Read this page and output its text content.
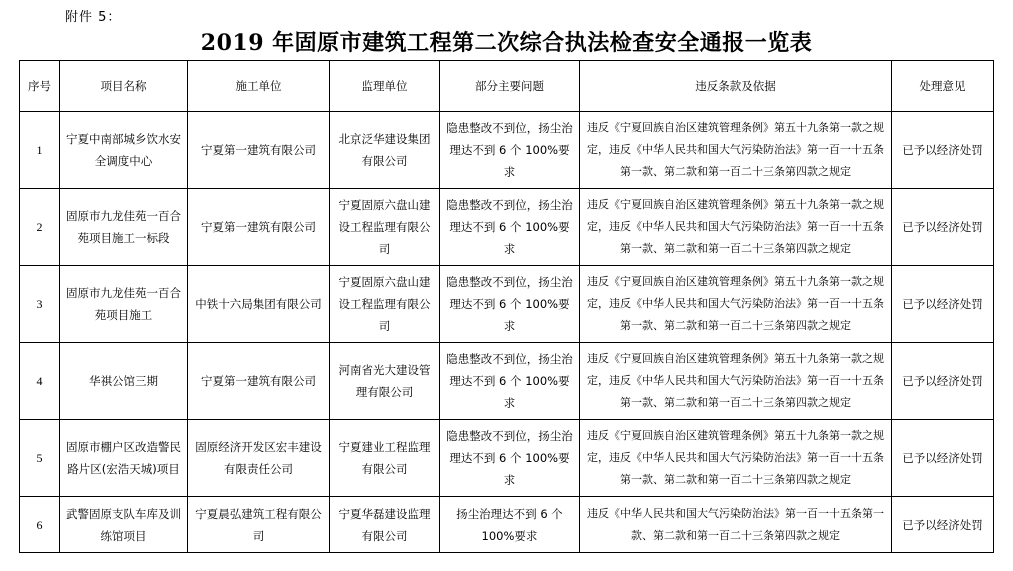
附件 5：
2019 年固原市建筑工程第二次综合执法检查安全通报一览表
序号	项目名称	施工单位	监理单位	部分主要问题	违反条款及依据	处理意见
1	宁夏中南部城乡饮水安全调度中心	宁夏第一建筑有限公司	北京泛华建设集团有限公司	隐患整改不到位，扬尘治理达不到 6 个 100%要求	违反《宁夏回族自治区建筑管理条例》第五十九条第一款之规定，违反《中华人民共和国大气污染防治法》第一百一十五条第一款、第二款和第一百二十三条第四款之规定	已予以经济处罚
2	固原市九龙佳苑一百合苑项目施工一标段	宁夏第一建筑有限公司	宁夏固原六盘山建设工程监理有限公司	隐患整改不到位，扬尘治理达不到 6 个 100%要求	违反《宁夏回族自治区建筑管理条例》第五十九条第一款之规定，违反《中华人民共和国大气污染防治法》第一百一十五条第一款、第二款和第一百二十三条第四款之规定	已予以经济处罚
3	固原市九龙佳苑一百合苑项目施工	中铁十六局集团有限公司	宁夏固原六盘山建设工程监理有限公司	隐患整改不到位，扬尘治理达不到 6 个 100%要求	违反《宁夏回族自治区建筑管理条例》第五十九条第一款之规定，违反《中华人民共和国大气污染防治法》第一百一十五条第一款、第二款和第一百二十三条第四款之规定	已予以经济处罚
4	华祺公馆三期	宁夏第一建筑有限公司	河南省光大建设管理有限公司	隐患整改不到位，扬尘治理达不到 6 个 100%要求	违反《宁夏回族自治区建筑管理条例》第五十九条第一款之规定，违反《中华人民共和国大气污染防治法》第一百一十五条第一款、第二款和第一百二十三条第四款之规定	已予以经济处罚
5	固原市棚户区改造警民路片区(宏浩天城)项目	固原经济开发区宏丰建设有限责任公司	宁夏建业工程监理有限公司	隐患整改不到位，扬尘治理达不到 6 个 100%要求	违反《宁夏回族自治区建筑管理条例》第五十九条第一款之规定，违反《中华人民共和国大气污染防治法》第一百一十五条第一款、第二款和第一百二十三条第四款之规定	已予以经济处罚
6	武警固原支队车库及训练馆项目	宁夏晨弘建筑工程有限公司	宁夏华磊建设监理有限公司	扬尘治理达不到 6 个 100%要求	违反《中华人民共和国大气污染防治法》第一百一十五条第一款、第二款和第一百二十三条第四款之规定	已予以经济处罚
